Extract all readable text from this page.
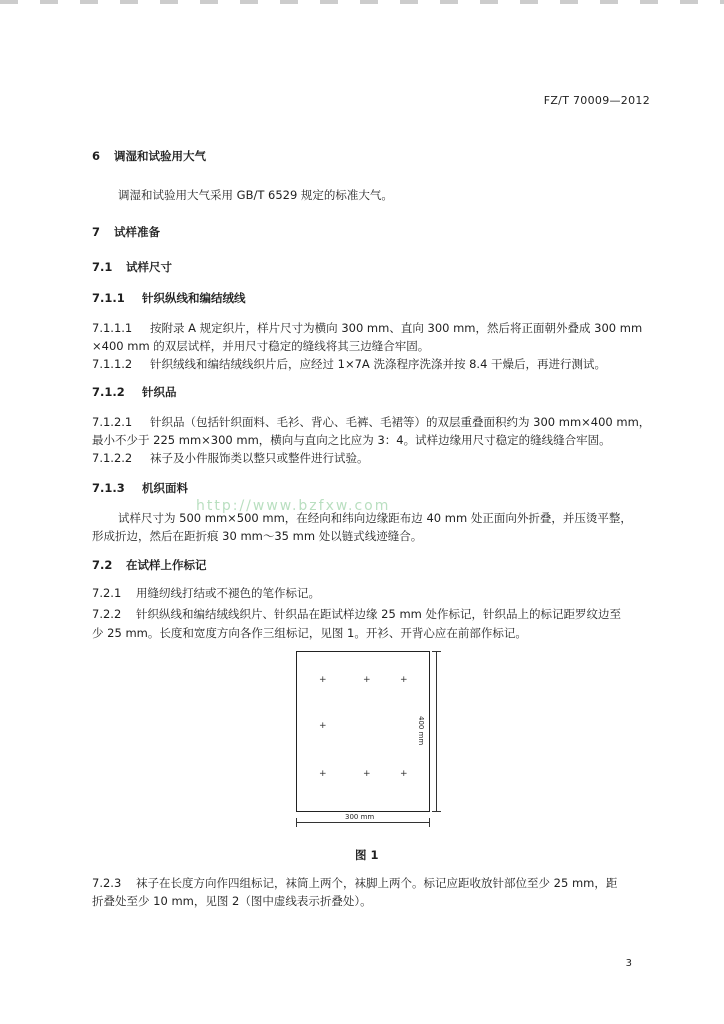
FZ/T 70009—2012
http://www.bzfxw.com
6 调湿和试验用大气
调湿和试验用大气采用 GB/T 6529 规定的标准大气。
7 试样准备
7.1 试样尺寸
7.1.1 针织纵线和编结绒线
7.1.1.1 按附录 A 规定织片，样片尺寸为横向 300 mm、直向 300 mm，然后将正面朝外叠成 300 mm
×400 mm 的双层试样，并用尺寸稳定的缝线将其三边缝合牢固。
7.1.1.2 针织绒线和编结绒线织片后，应经过 1×7A 洗涤程序洗涤并按 8.4 干燥后，再进行测试。
7.1.2 针织品
7.1.2.1 针织品（包括针织面料、毛衫、背心、毛裤、毛裙等）的双层重叠面积约为 300 mm×400 mm，
最小不少于 225 mm×300 mm，横向与直向之比应为 3：4。试样边缘用尺寸稳定的缝线缝合牢固。
7.1.2.2 袜子及小件服饰类以整只或整件进行试验。
7.1.3 机织面料
试样尺寸为 500 mm×500 mm，在经向和纬向边缘距布边 40 mm 处正面向外折叠，并压烫平整，
形成折边，然后在距折痕 30 mm～35 mm 处以链式线迹缝合。
7.2 在试样上作标记
7.2.1 用缝纫线打结或不褪色的笔作标记。
7.2.2 针织纵线和编结绒线织片、针织品在距试样边缘 25 mm 处作标记，针织品上的标记距罗纹边至
少 25 mm。长度和宽度方向各作三组标记，见图 1。开衫、开背心应在前部作标记。
+	+	+
+
+	+	+
400 mm
300 mm
图 1
7.2.3 袜子在长度方向作四组标记，袜筒上两个，袜脚上两个。标记应距收放针部位至少 25 mm，距
折叠处至少 10 mm，见图 2（图中虚线表示折叠处）。
3
